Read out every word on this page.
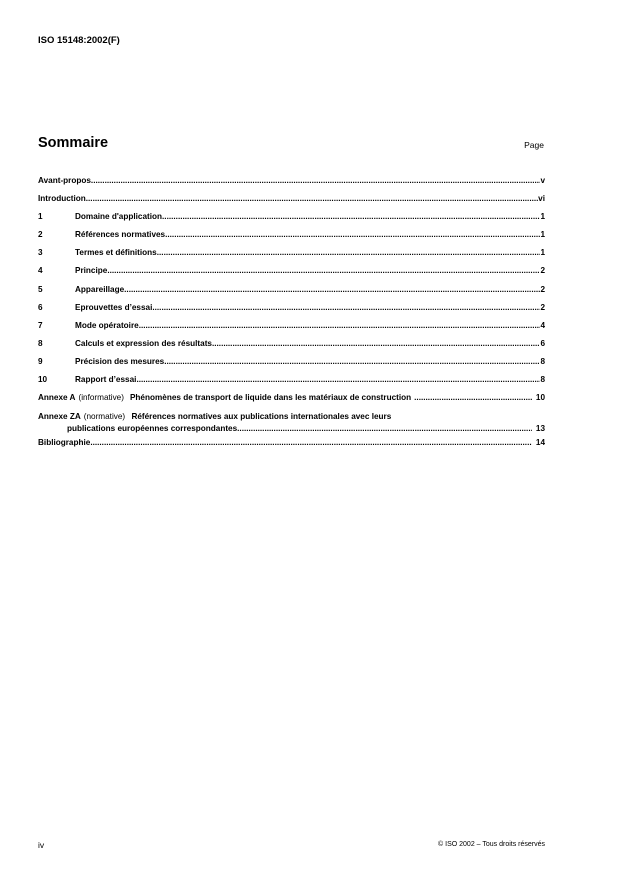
ISO 15148:2002(F)
Sommaire	Page
Avant-propos .....	v
Introduction .....	vi
1	Domaine d'application .....	1
2	Références normatives .....	1
3	Termes et définitions .....	1
4	Principe .....	2
5	Appareillage .....	2
6	Eprouvettes d’essai .....	2
7	Mode opératoire .....	4
8	Calculs et expression des résultats .....	6
9	Précision des mesures .....	8
10	Rapport d’essai .....	8
Annexe A (informative) Phénomènes de transport de liquide dans les matériaux de construction .....	10
Annexe ZA (normative) Références normatives aux publications internationales avec leurs
publications européennes correspondantes .....	13
Bibliographie .....	14
iv	© ISO 2002 – Tous droits réservés
